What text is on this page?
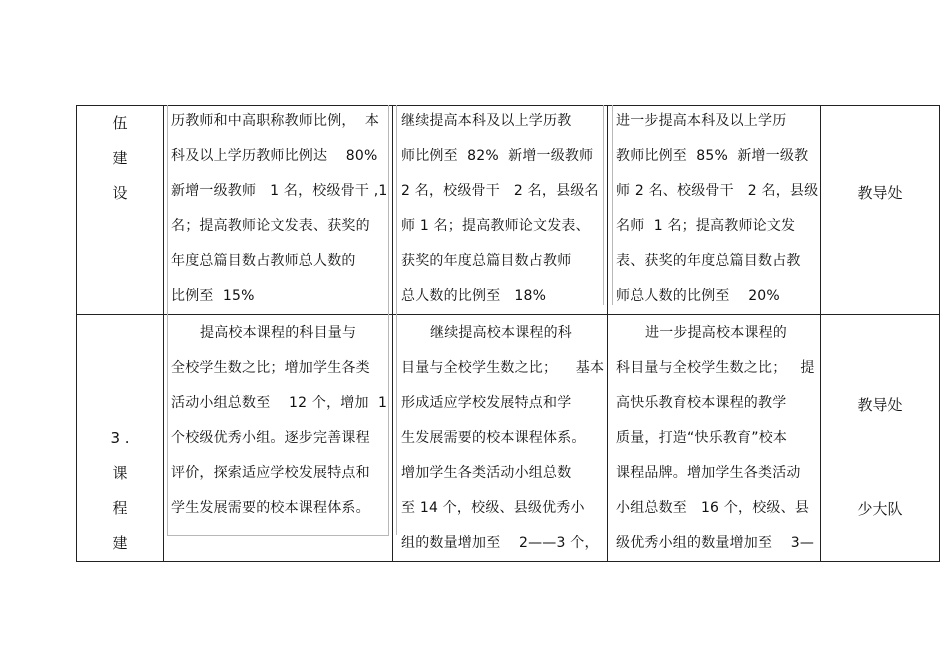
伍
建
设
历教师和中高职称教师比例，  本
科及以上学历教师比例达    80%
新增一级教师   1 名，校级骨干 ,1
名；提高教师论文发表、获奖的
年度总篇目数占教师总人数的
比例至  15%
继续提高本科及以上学历教
师比例至  82%  新增一级教师
2 名，校级骨干   2 名，县级名
师 1 名；提高教师论文发表、
获奖的年度总篇目数占教师
总人数的比例至   18%
进一步提高本科及以上学历
教师比例至  85%  新增一级教
师 2 名、校级骨干   2 名，县级
名师  1 名；提高教师论文发
表、获奖的年度总篇目数占教
师总人数的比例至    20%
教导处
3 .
课
程
建
提高校本课程的科目量与
全校学生数之比；增加学生各类
活动小组总数至    12 个，增加  1
个校级优秀小组。逐步完善课程
评价，探索适应学校发展特点和
学生发展需要的校本课程体系。
继续提高校本课程的科
目量与全校学生数之比；    基本
形成适应学校发展特点和学
生发展需要的校本课程体系。
增加学生各类活动小组总数
至 14 个，校级、县级优秀小
组的数量增加至    2——3 个，
进一步提高校本课程的
科目量与全校学生数之比；   提
高快乐教育校本课程的教学
质量，打造“快乐教育”校本
课程品牌。增加学生各类活动
小组总数至   16 个，校级、县
级优秀小组的数量增加至    3—
教导处
少大队
